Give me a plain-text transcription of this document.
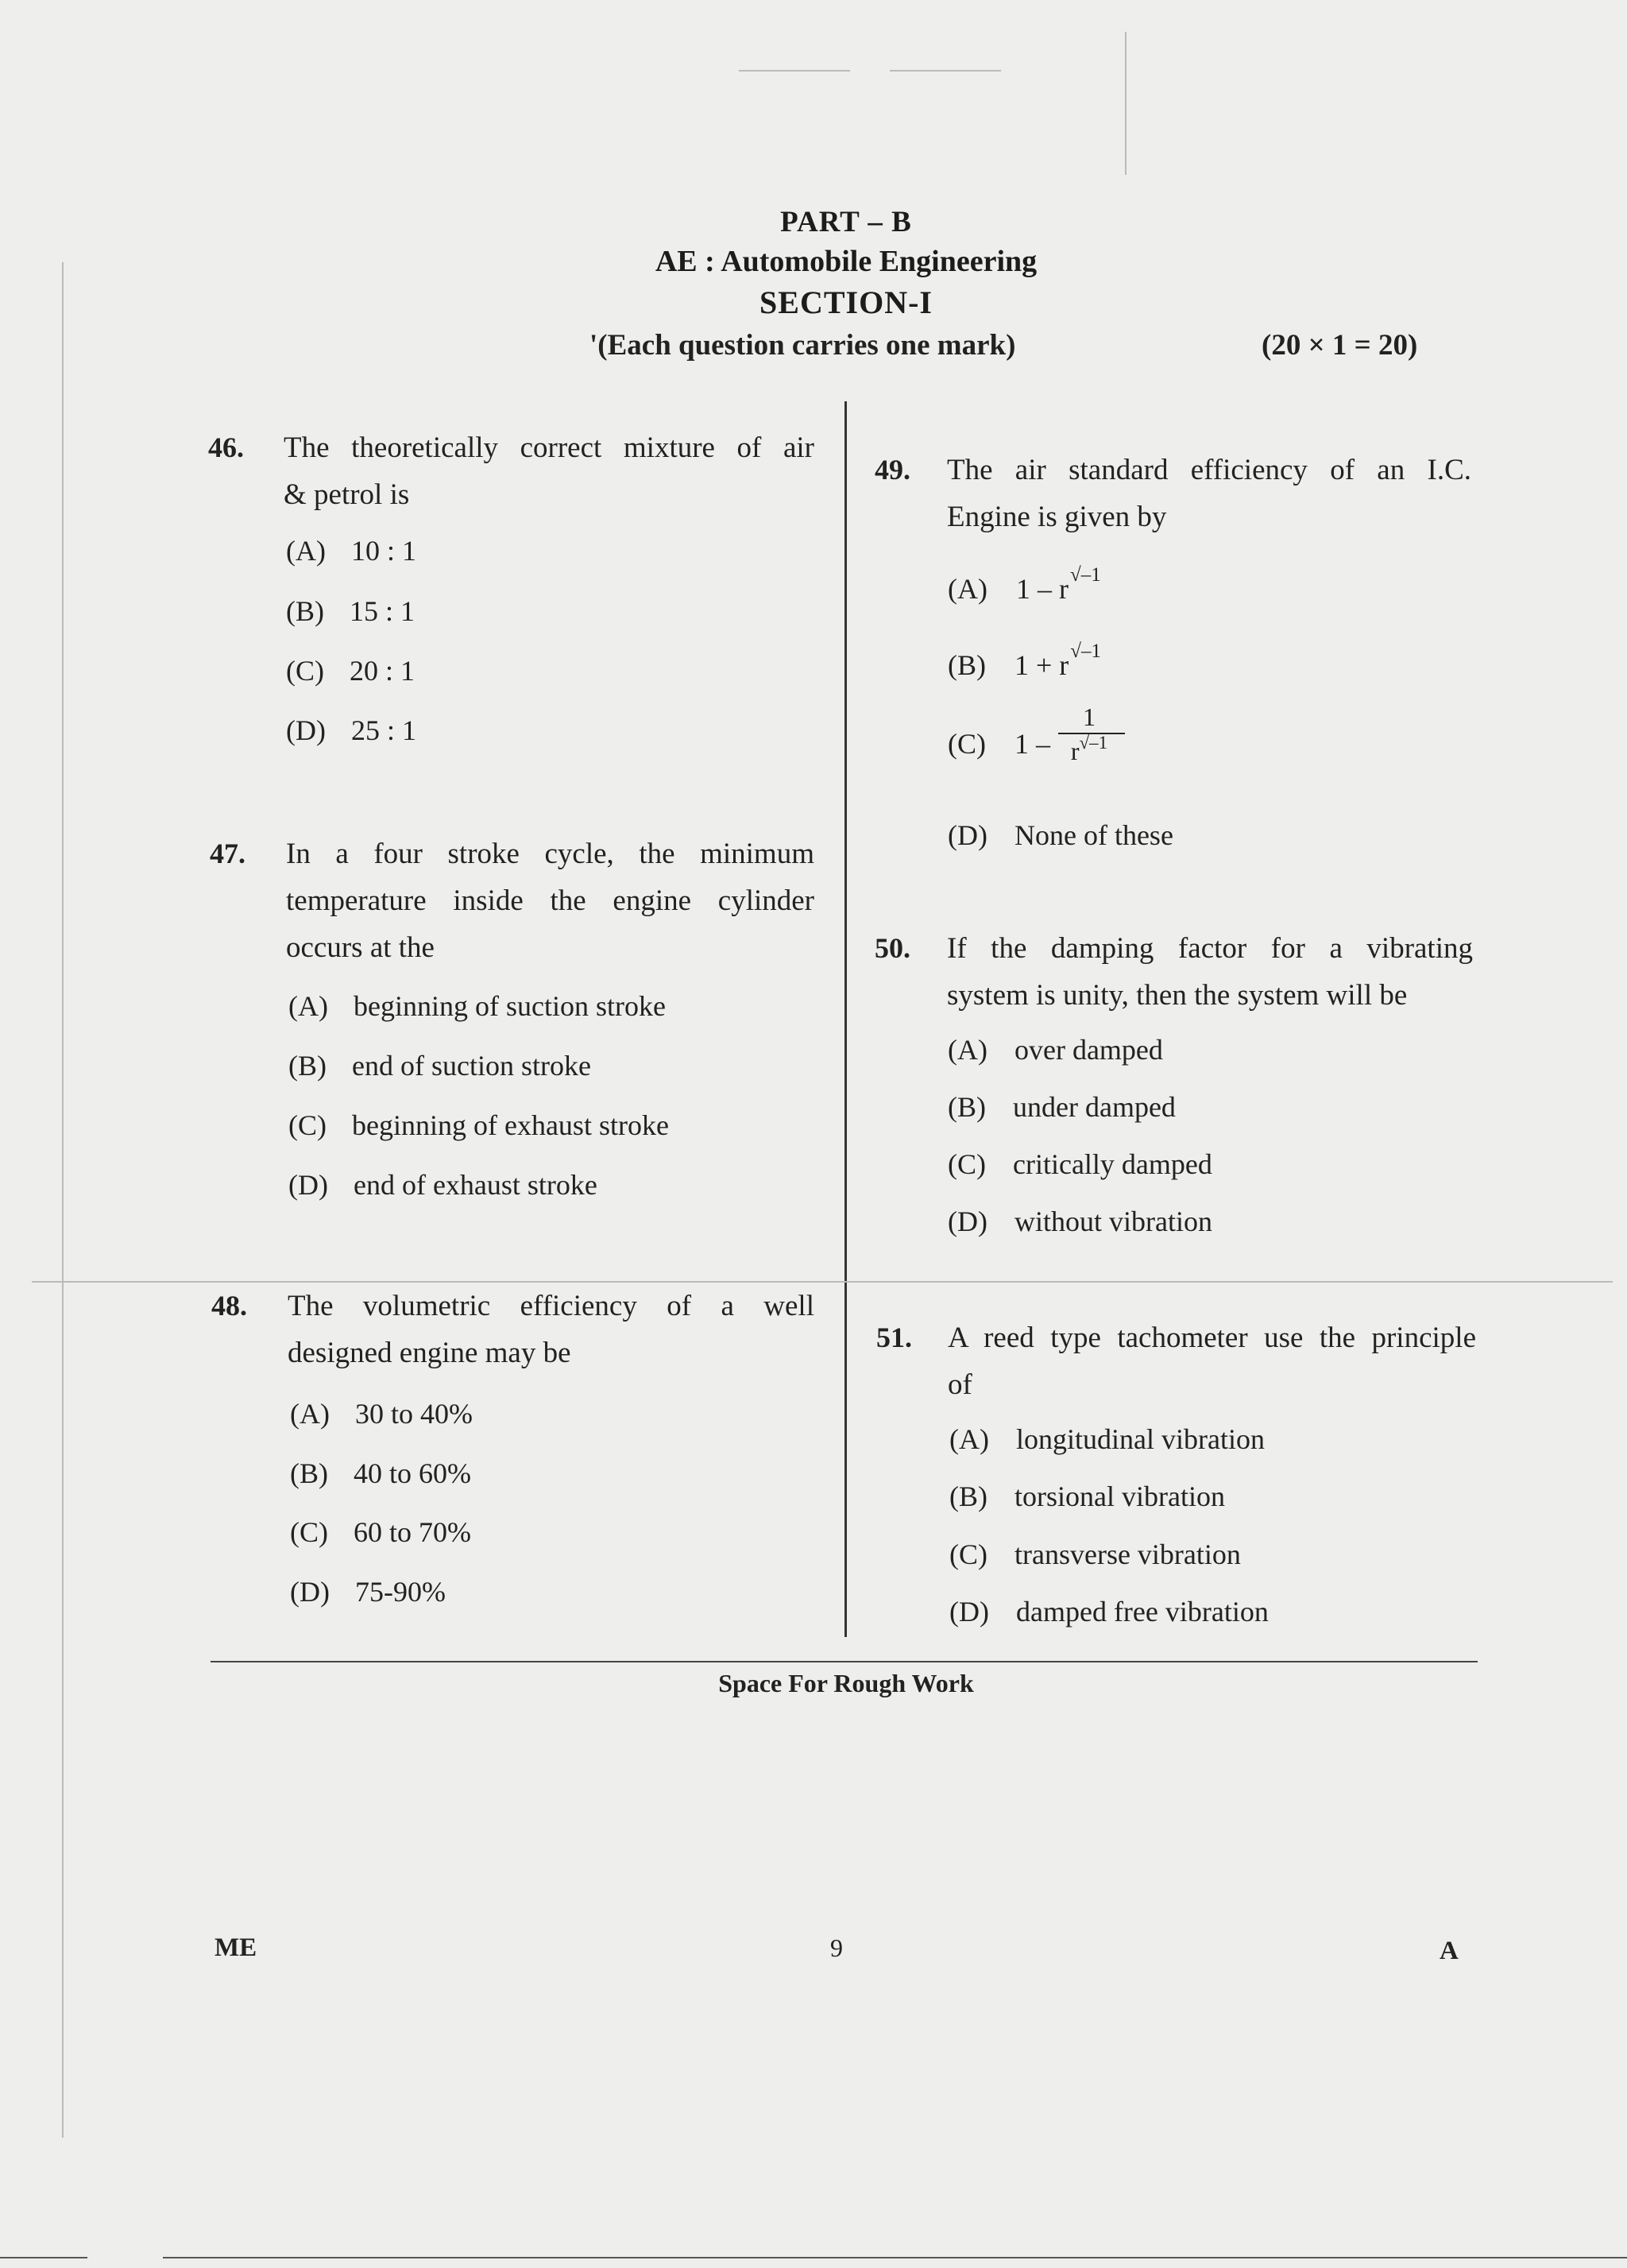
PART – B
AE : Automobile Engineering
SECTION-I
'(Each question carries one mark)	(20 × 1 = 20)
46. The theoretically correct mixture of air
& petrol is
(A) 10 : 1
(B) 15 : 1
(C) 20 : 1
(D) 25 : 1
47. In a four stroke cycle, the minimum
temperature inside the engine cylinder
occurs at the
(A) beginning of suction stroke
(B) end of suction stroke
(C) beginning of exhaust stroke
(D) end of exhaust stroke
48. The volumetric efficiency of a well
designed engine may be
(A) 30 to 40%
(B) 40 to 60%
(C) 60 to 70%
(D) 75-90%
49. The air standard efficiency of an I.C.
Engine is given by
(A) 1 – r√–1
(B) 1 + r√–1
(C) 1 –
1
$r^{√-1}$
(D) None of these
50. If the damping factor for a vibrating
system is unity, then the system will be
(A) over damped
(B) under damped
(C) critically damped
(D) without vibration
51. A reed type tachometer use the principle
of
(A) longitudinal vibration
(B) torsional vibration
(C) transverse vibration
(D) damped free vibration
Space For Rough Work
ME	9	A
